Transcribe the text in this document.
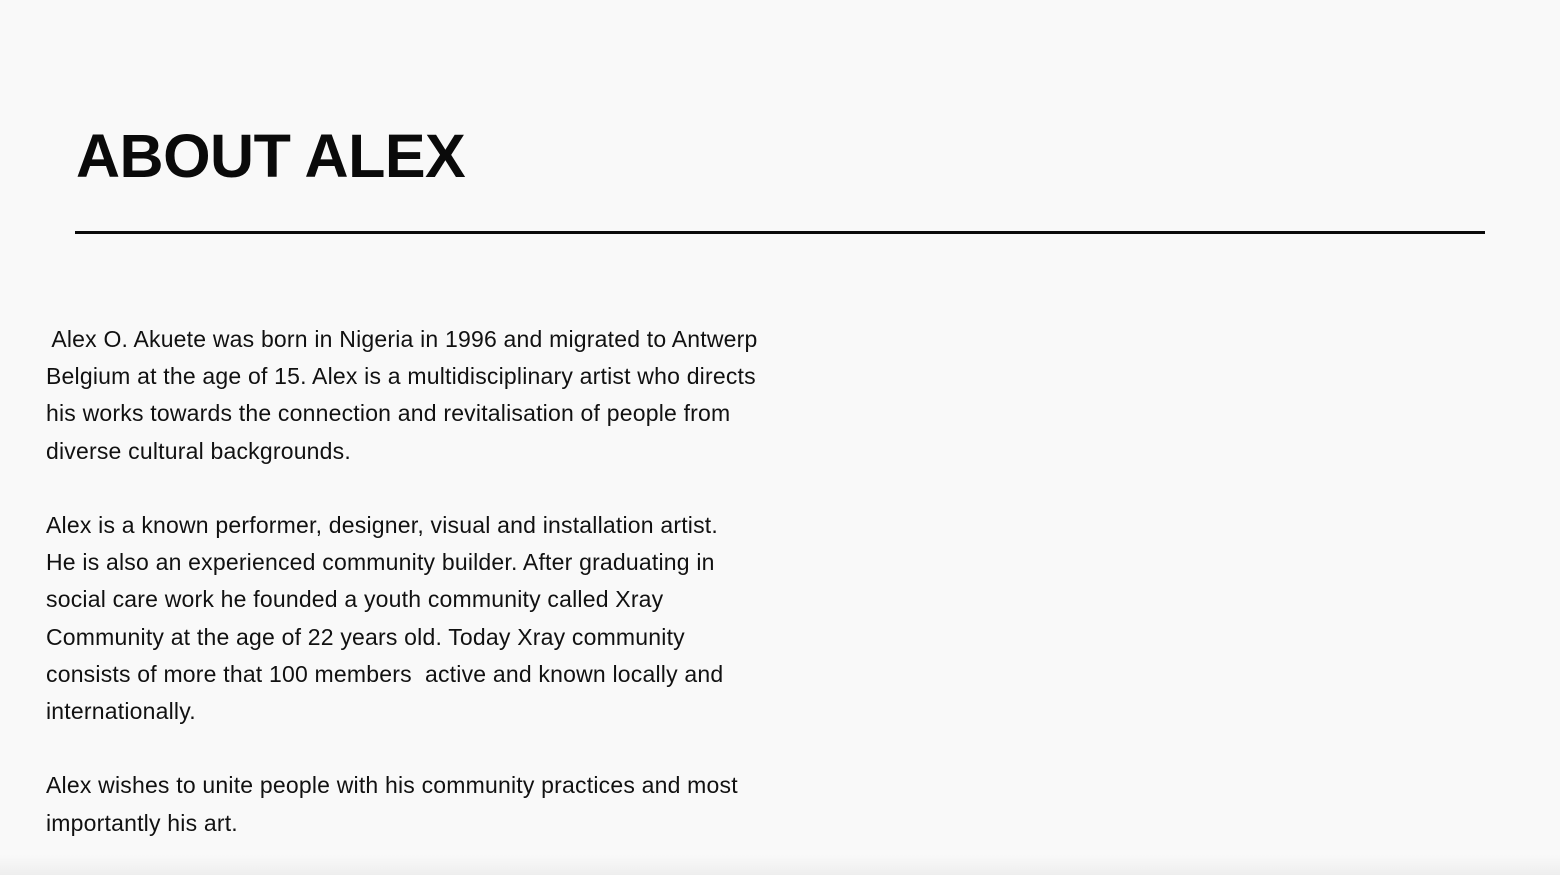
ABOUT ALEX

Alex O. Akuete was born in Nigeria in 1996 and migrated to Antwerp
Belgium at the age of 15. Alex is a multidisciplinary artist who directs
his works towards the connection and revitalisation of people from
diverse cultural backgrounds.

Alex is a known performer, designer, visual and installation artist.
He is also an experienced community builder. After graduating in
social care work he founded a youth community called Xray
Community at the age of 22 years old. Today Xray community
consists of more that 100 members  active and known locally and
internationally.

Alex wishes to unite people with his community practices and most
importantly his art.
